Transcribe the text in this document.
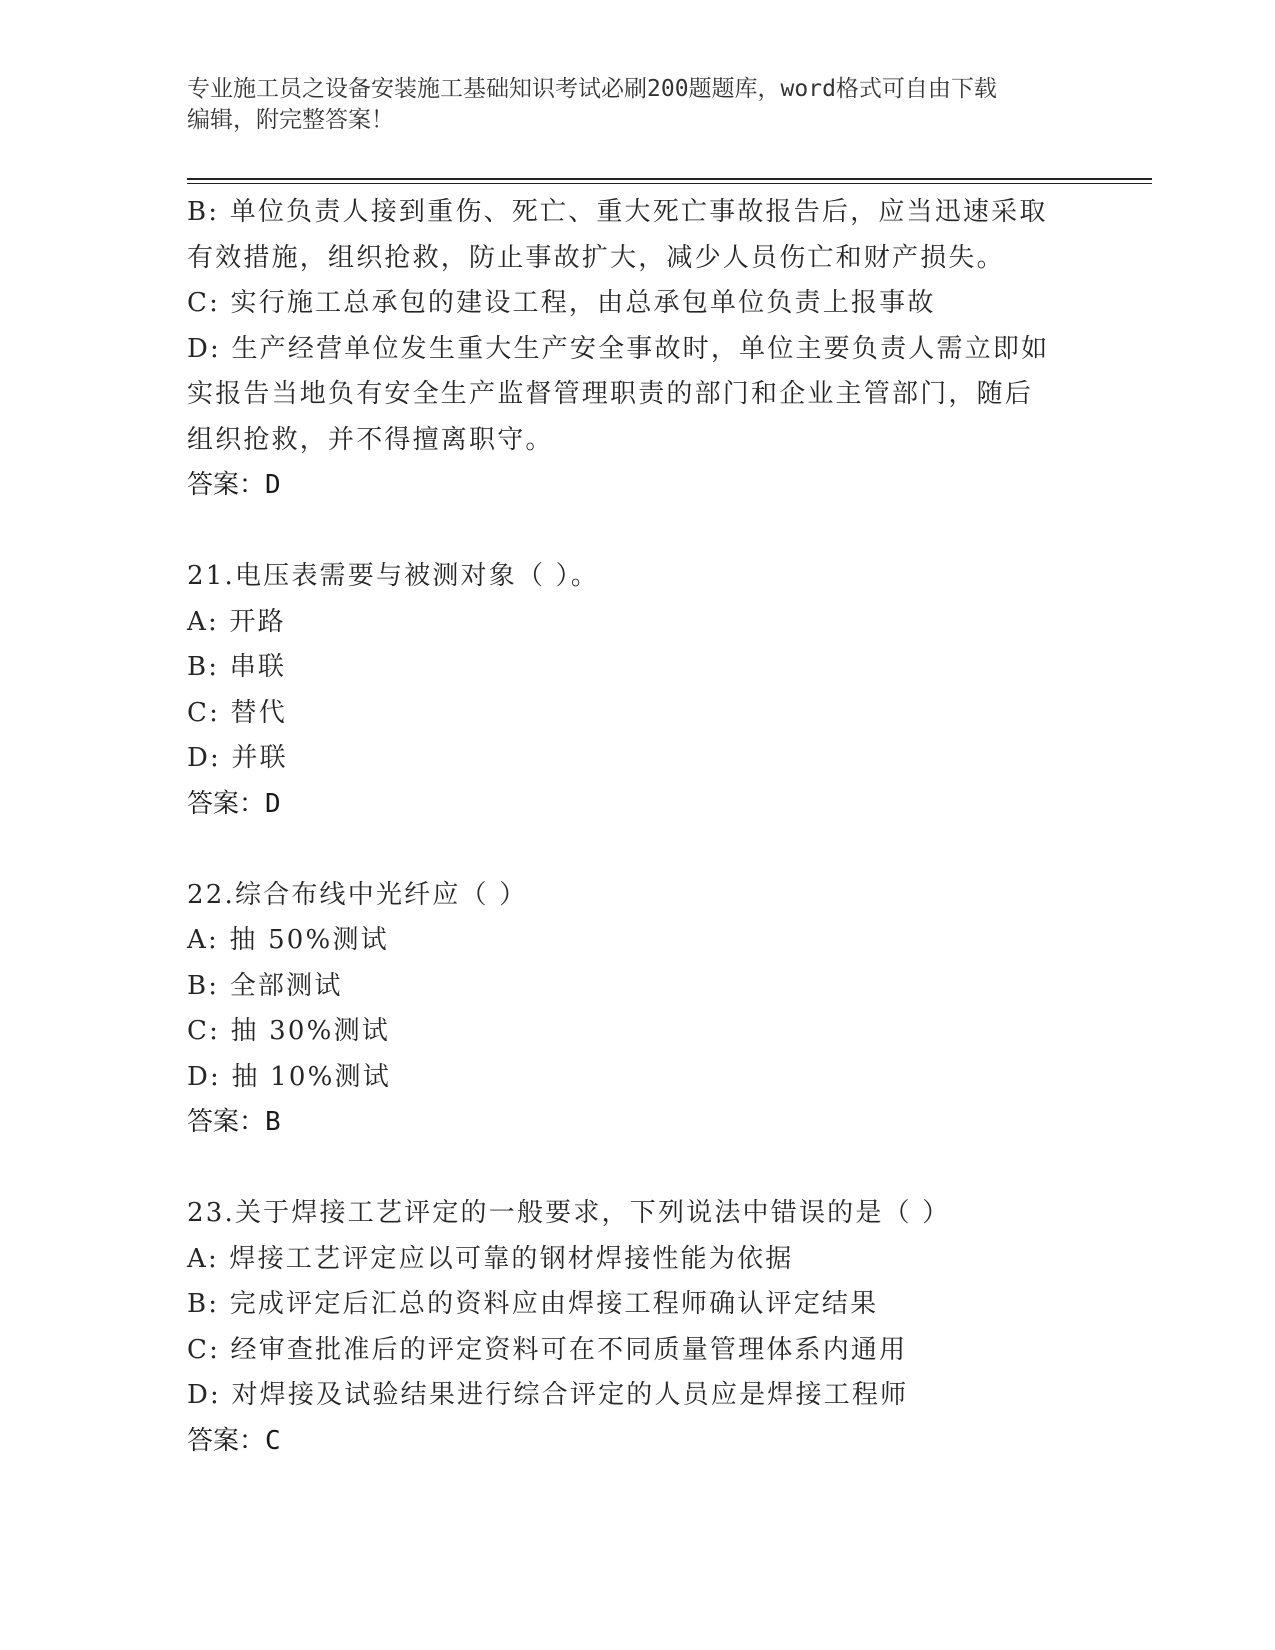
专业施工员之设备安装施工基础知识考试必刷200题题库，word格式可自由下载
编辑，附完整答案！
B: 单位负责人接到重伤、死亡、重大死亡事故报告后，应当迅速采取
有效措施，组织抢救，防止事故扩大，减少人员伤亡和财产损失。
C: 实行施工总承包的建设工程，由总承包单位负责上报事故
D: 生产经营单位发生重大生产安全事故时，单位主要负责人需立即如
实报告当地负有安全生产监督管理职责的部门和企业主管部门，随后
组织抢救，并不得擅离职守。
答案：D
21.电压表需要与被测对象（ ）。
A: 开路
B: 串联
C: 替代
D: 并联
答案：D
22.综合布线中光纤应（ ）
A: 抽 50%测试
B: 全部测试
C: 抽 30%测试
D: 抽 10%测试
答案：B
23.关于焊接工艺评定的一般要求，下列说法中错误的是（ ）
A: 焊接工艺评定应以可靠的钢材焊接性能为依据
B: 完成评定后汇总的资料应由焊接工程师确认评定结果
C: 经审查批准后的评定资料可在不同质量管理体系内通用
D: 对焊接及试验结果进行综合评定的人员应是焊接工程师
答案：C
